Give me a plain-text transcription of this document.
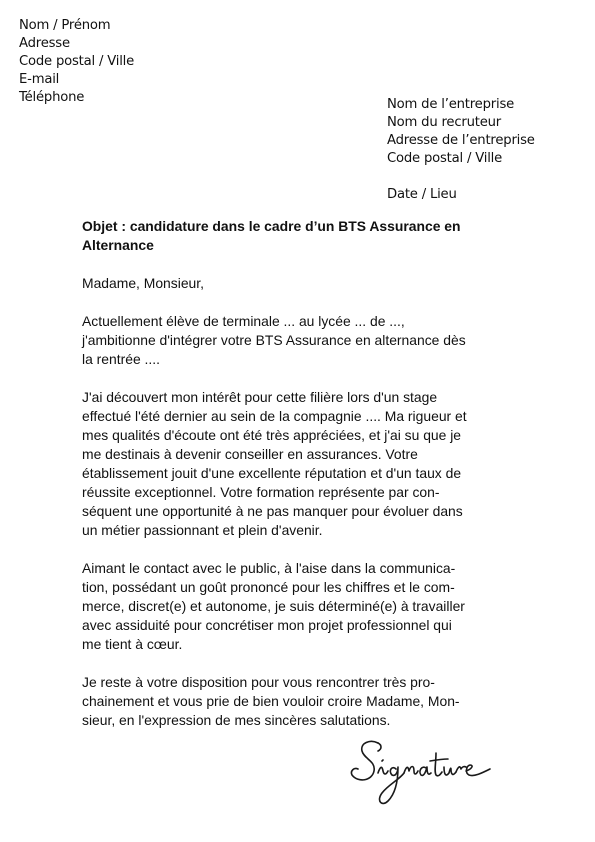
Nom / Prénom
Adresse
Code postal / Ville
E-mail
Téléphone	Nom de l’entreprise
Nom du recruteur
Adresse de l’entreprise
Code postal / Ville
Date / Lieu
Objet : candidature dans le cadre d’un BTS Assurance en
Alternance
Madame, Monsieur,
Actuellement élève de terminale ... au lycée ... de ...,
j'ambitionne d'intégrer votre BTS Assurance en alternance dès
la rentrée ....
J'ai découvert mon intérêt pour cette filière lors d'un stage
effectué l'été dernier au sein de la compagnie .... Ma rigueur et
mes qualités d'écoute ont été très appréciées, et j'ai su que je
me destinais à devenir conseiller en assurances. Votre
établissement jouit d'une excellente réputation et d'un taux de
réussite exceptionnel. Votre formation représente par con-
séquent une opportunité à ne pas manquer pour évoluer dans
un métier passionnant et plein d'avenir.
Aimant le contact avec le public, à l'aise dans la communica-
tion, possédant un goût prononcé pour les chiffres et le com-
merce, discret(e) et autonome, je suis déterminé(e) à travailler
avec assiduité pour concrétiser mon projet professionnel qui
me tient à cœur.
Je reste à votre disposition pour vous rencontrer très pro-
chainement et vous prie de bien vouloir croire Madame, Mon-
sieur, en l'expression de mes sincères salutations.
